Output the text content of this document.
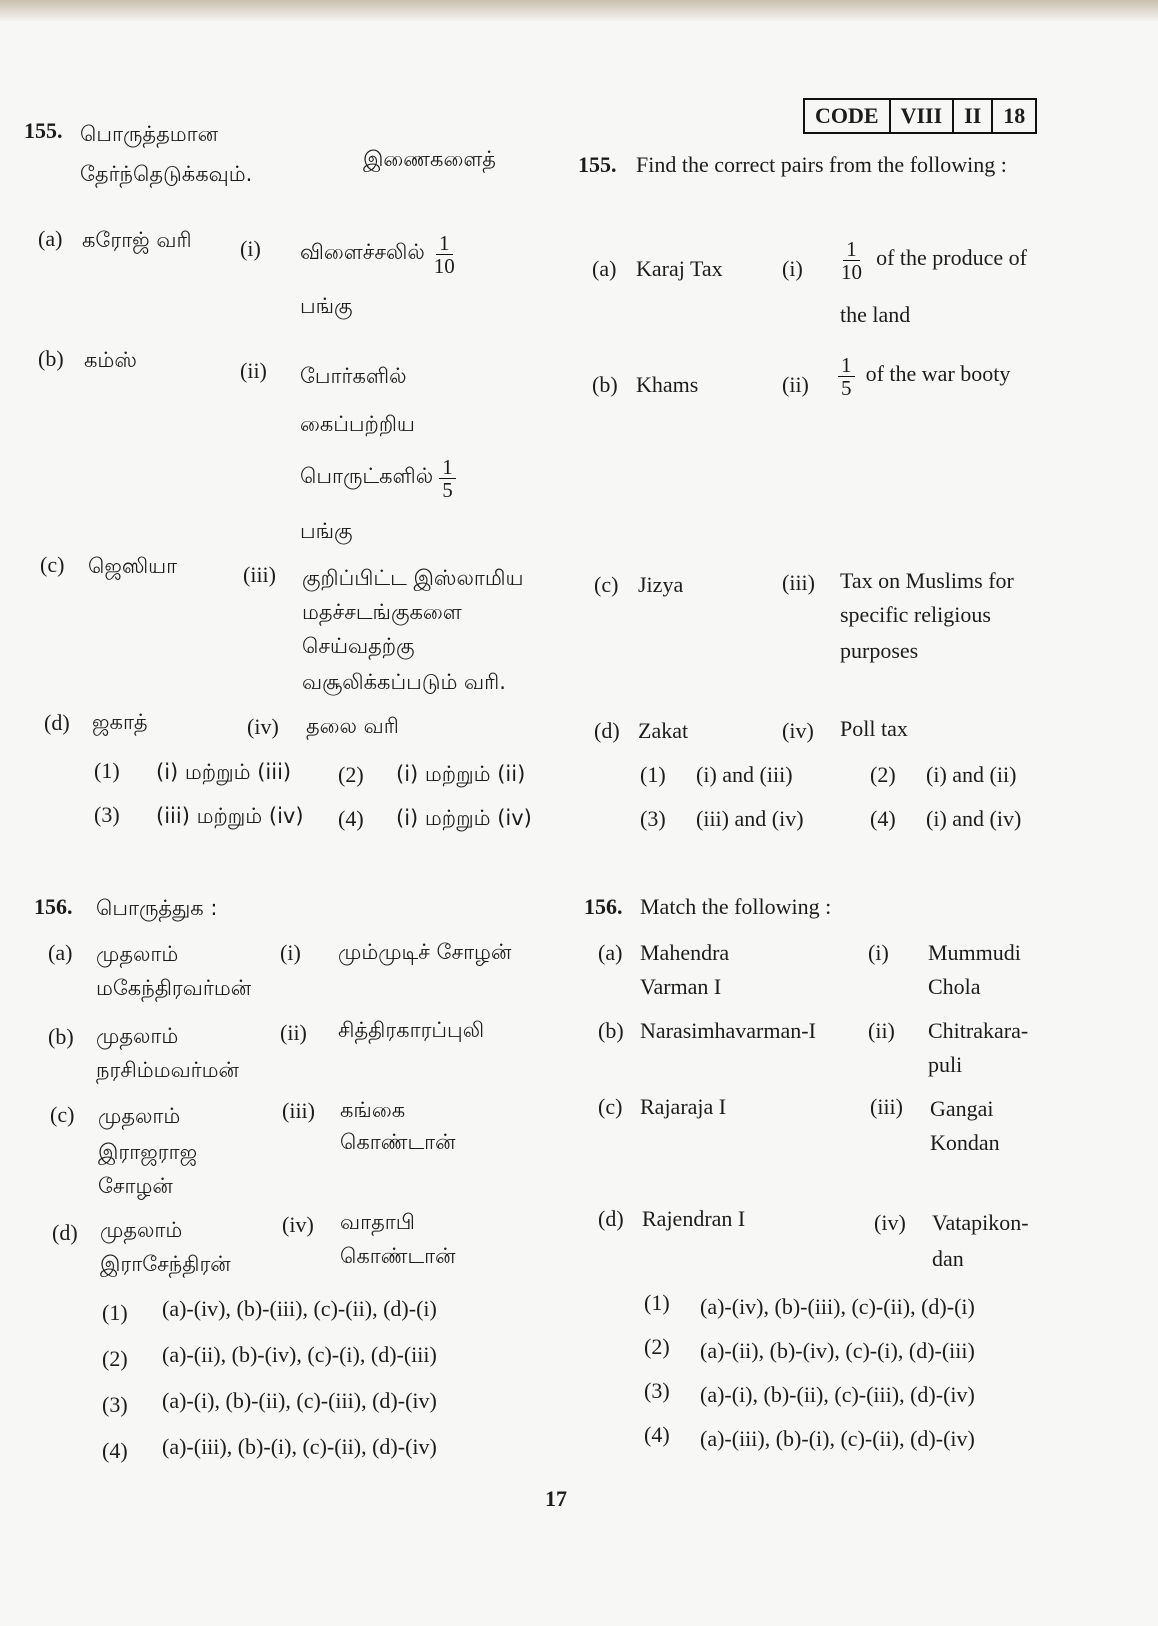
CODE	VIII	II	18
155. பொருத்தமான
இணைகளைத்
தேர்ந்தெடுக்கவும்.
(a) கரோஜ் வரி (i) விளைச்சலில் $\frac{1}{10}$
பங்கு
(b) கம்ஸ்	(ii) போர்களில்
கைப்பற்றிய
பொருட்களில் $\frac{1}{5}$
பங்கு
(c) ஜெஸியா	(iii) குறிப்பிட்ட இஸ்லாமிய
மதச்சடங்குகளை
செய்வதற்கு
வசூலிக்கப்படும் வரி.
(d) ஜகாத்	(iv) தலை வரி
(1) (i) மற்றும் (iii) (2) (i) மற்றும் (ii)
(3) (iii) மற்றும் (iv) (4) (i) மற்றும் (iv)
155. Find the correct pairs from the following :
(a) Karaj Tax	$(i) \frac{1}{10}$ of the produce of
the land
(b) Khams	$(ii) \frac{1}{5}$ of the war booty
(c) Jizya	(iii) Tax on Muslims for
specific religious
purposes
(d) Zakat	(iv) Poll tax
(1) (i) and (iii)	(2) (i) and (ii)
(3) (iii) and (iv)	(4) (i) and (iv)
156. பொருத்துக :
(a) முதலாம்
மகேந்திரவர்மன்
(i) மும்முடிச் சோழன்
(b) முதலாம்
நரசிம்மவர்மன்
(ii) சித்திரகாரப்புலி
(c) முதலாம்
இராஜராஜ
சோழன்
(iii) கங்கை
கொண்டான்
(d) முதலாம்
இராசேந்திரன்
(iv) வாதாபி
கொண்டான்
(1) (a)-(iv), (b)-(iii), (c)-(ii), (d)-(i)
(2) (a)-(ii), (b)-(iv), (c)-(i), (d)-(iii)
(3) (a)-(i), (b)-(ii), (c)-(iii), (d)-(iv)
(4) (a)-(iii), (b)-(i), (c)-(ii), (d)-(iv)
156. Match the following :
(a) Mahendra
Varman I
(i) Mummudi
Chola
(b) Narasimhavarman-I (ii) Chitrakara-
puli
(c) Rajaraja I	(iii) Gangai
Kondan
(d) Rajendran I	(iv) Vatapikon-
dan
(1) (a)-(iv), (b)-(iii), (c)-(ii), (d)-(i)
(2) (a)-(ii), (b)-(iv), (c)-(i), (d)-(iii)
(3) (a)-(i), (b)-(ii), (c)-(iii), (d)-(iv)
(4) (a)-(iii), (b)-(i), (c)-(ii), (d)-(iv)
17
